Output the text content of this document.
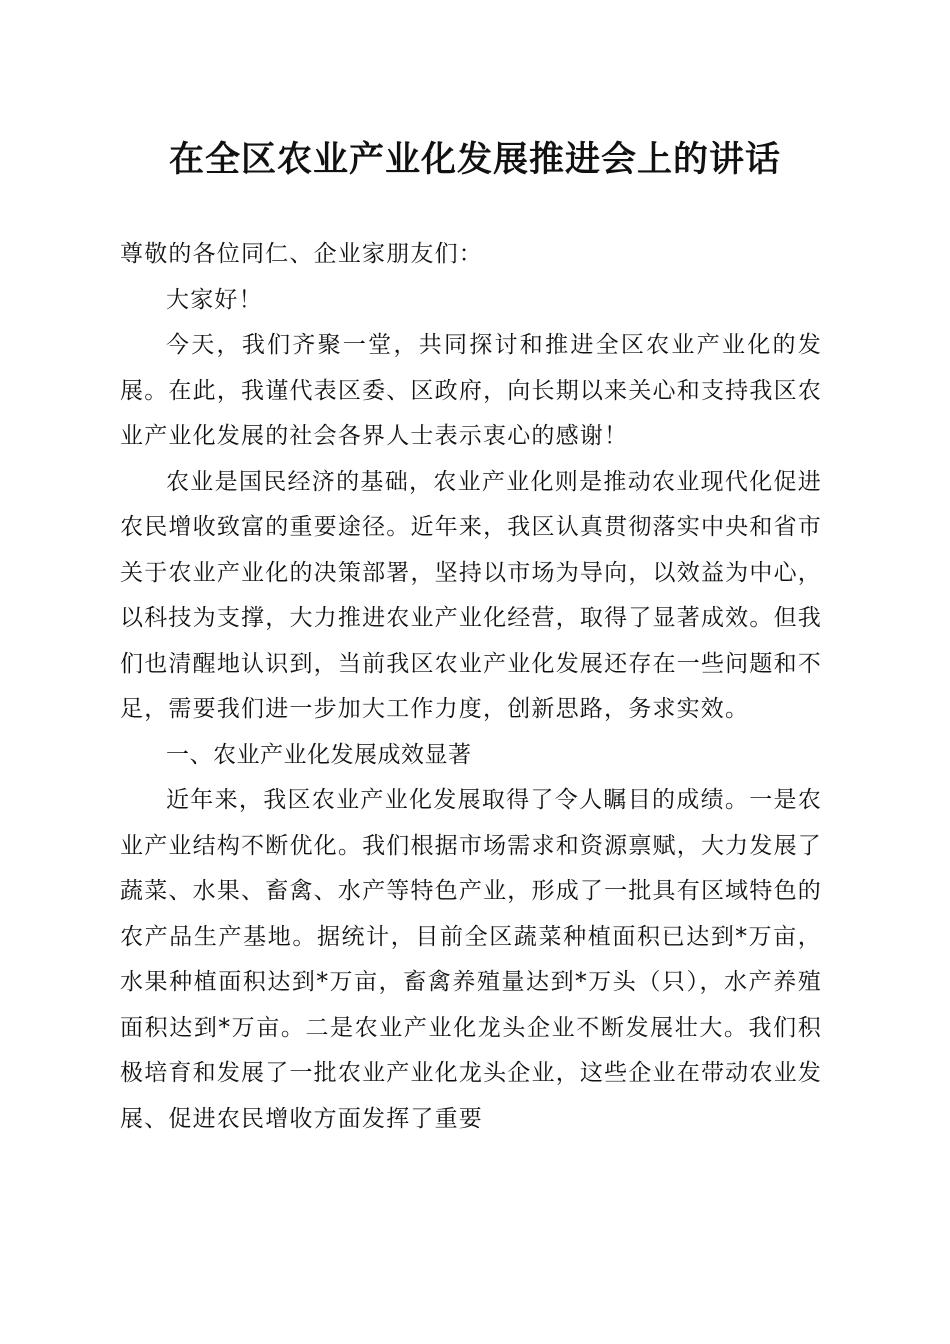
在全区农业产业化发展推进会上的讲话

尊敬的各位同仁、企业家朋友们：

大家好！

今天，我们齐聚一堂，共同探讨和推进全区农业产业化的发展。在此，我谨代表区委、区政府，向长期以来关心和支持我区农业产业化发展的社会各界人士表示衷心的感谢！

农业是国民经济的基础，农业产业化则是推动农业现代化促进农民增收致富的重要途径。近年来，我区认真贯彻落实中央和省市关于农业产业化的决策部署，坚持以市场为导向，以效益为中心，以科技为支撑，大力推进农业产业化经营，取得了显著成效。但我们也清醒地认识到，当前我区农业产业化发展还存在一些问题和不足，需要我们进一步加大工作力度，创新思路，务求实效。

一、农业产业化发展成效显著

近年来，我区农业产业化发展取得了令人瞩目的成绩。一是农业产业结构不断优化。我们根据市场需求和资源禀赋，大力发展了蔬菜、水果、畜禽、水产等特色产业，形成了一批具有区域特色的农产品生产基地。据统计，目前全区蔬菜种植面积已达到*万亩，水果种植面积达到*万亩，畜禽养殖量达到*万头（只），水产养殖面积达到*万亩。二是农业产业化龙头企业不断发展壮大。我们积极培育和发展了一批农业产业化龙头企业，这些企业在带动农业发展、促进农民增收方面发挥了重要
